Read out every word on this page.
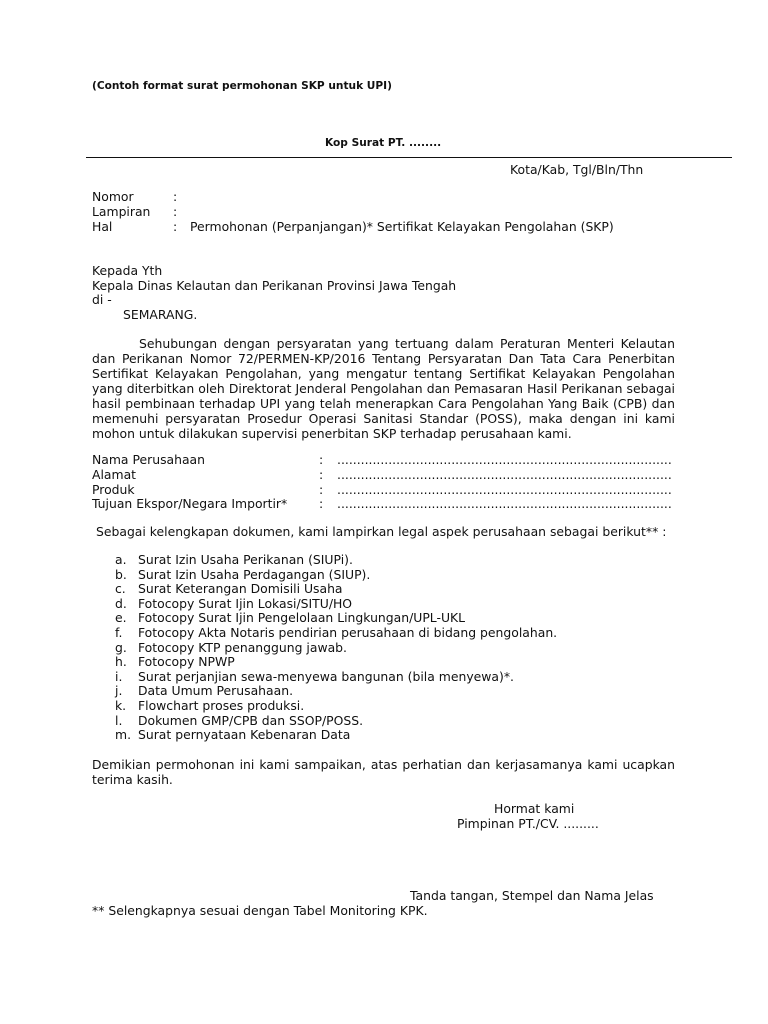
(Contoh format surat permohonan SKP untuk UPI)
Kop Surat PT. ........
Kota/Kab, Tgl/Bln/Thn
Nomor	:
Lampiran :
Hal	: Permohonan (Perpanjangan)* Sertifikat Kelayakan Pengolahan (SKP)
Kepada Yth
Kepala Dinas Kelautan dan Perikanan Provinsi Jawa Tengah
di -
SEMARANG.
Sehubungan dengan persyaratan yang tertuang dalam Peraturan Menteri Kelautan dan Perikanan Nomor 72/PERMEN-KP/2016 Tentang Persyaratan Dan Tata Cara Penerbitan Sertifikat Kelayakan Pengolahan, yang mengatur tentang Sertifikat Kelayakan Pengolahan yang diterbitkan oleh Direktorat Jenderal Pengolahan dan Pemasaran Hasil Perikanan sebagai hasil pembinaan terhadap UPI yang telah menerapkan Cara Pengolahan Yang Baik (CPB) dan memenuhi persyaratan Prosedur Operasi Sanitasi Standar (POSS), maka dengan ini kami mohon untuk dilakukan supervisi penerbitan SKP terhadap perusahaan kami.
Nama Perusahaan	: .....................................................................................
Alamat	: .....................................................................................
Produk	: .....................................................................................
Tujuan Ekspor/Negara Importir*	: .....................................................................................
Sebagai kelengkapan dokumen, kami lampirkan legal aspek perusahaan sebagai berikut** :
a. Surat Izin Usaha Perikanan (SIUPi).
b. Surat Izin Usaha Perdagangan (SIUP).
c. Surat Keterangan Domisili Usaha
d. Fotocopy Surat Ijin Lokasi/SITU/HO
e. Fotocopy Surat Ijin Pengelolaan Lingkungan/UPL-UKL
f. Fotocopy Akta Notaris pendirian perusahaan di bidang pengolahan.
g. Fotocopy KTP penanggung jawab.
h. Fotocopy NPWP
i. Surat perjanjian sewa-menyewa bangunan (bila menyewa)*.
j. Data Umum Perusahaan.
k. Flowchart proses produksi.
l. Dokumen GMP/CPB dan SSOP/POSS.
m. Surat pernyataan Kebenaran Data
Demikian permohonan ini kami sampaikan, atas perhatian dan kerjasamanya kami ucapkan terima kasih.
Hormat kami
Pimpinan PT./CV. .........
Tanda tangan, Stempel dan Nama Jelas
** Selengkapnya sesuai dengan Tabel Monitoring KPK.
